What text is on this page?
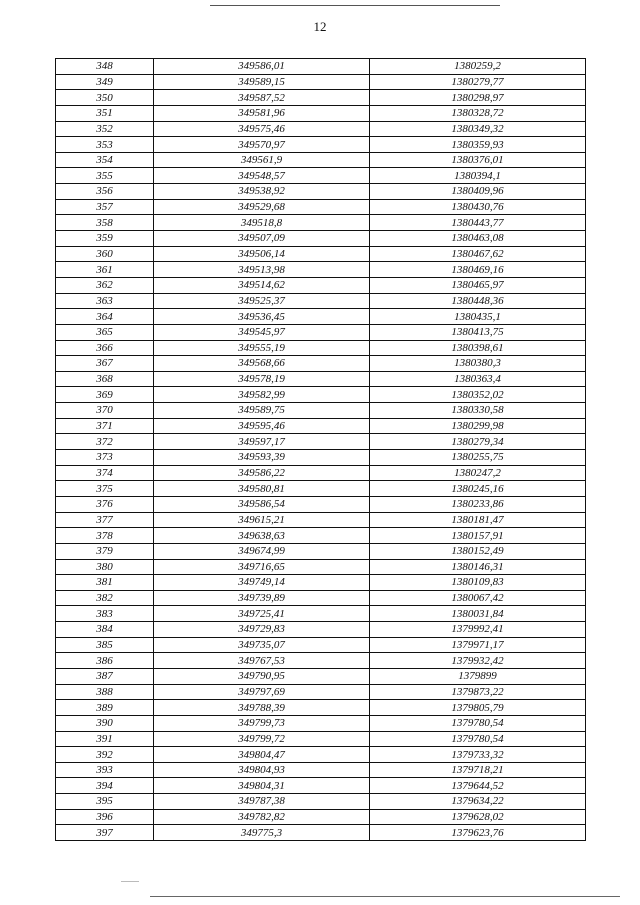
12
348	349586,01	1380259,2
349	349589,15	1380279,77
350	349587,52	1380298,97
351	349581,96	1380328,72
352	349575,46	1380349,32
353	349570,97	1380359,93
354	349561,9	1380376,01
355	349548,57	1380394,1
356	349538,92	1380409,96
357	349529,68	1380430,76
358	349518,8	1380443,77
359	349507,09	1380463,08
360	349506,14	1380467,62
361	349513,98	1380469,16
362	349514,62	1380465,97
363	349525,37	1380448,36
364	349536,45	1380435,1
365	349545,97	1380413,75
366	349555,19	1380398,61
367	349568,66	1380380,3
368	349578,19	1380363,4
369	349582,99	1380352,02
370	349589,75	1380330,58
371	349595,46	1380299,98
372	349597,17	1380279,34
373	349593,39	1380255,75
374	349586,22	1380247,2
375	349580,81	1380245,16
376	349586,54	1380233,86
377	349615,21	1380181,47
378	349638,63	1380157,91
379	349674,99	1380152,49
380	349716,65	1380146,31
381	349749,14	1380109,83
382	349739,89	1380067,42
383	349725,41	1380031,84
384	349729,83	1379992,41
385	349735,07	1379971,17
386	349767,53	1379932,42
387	349790,95	1379899
388	349797,69	1379873,22
389	349788,39	1379805,79
390	349799,73	1379780,54
391	349799,72	1379780,54
392	349804,47	1379733,32
393	349804,93	1379718,21
394	349804,31	1379644,52
395	349787,38	1379634,22
396	349782,82	1379628,02
397	349775,3	1379623,76
